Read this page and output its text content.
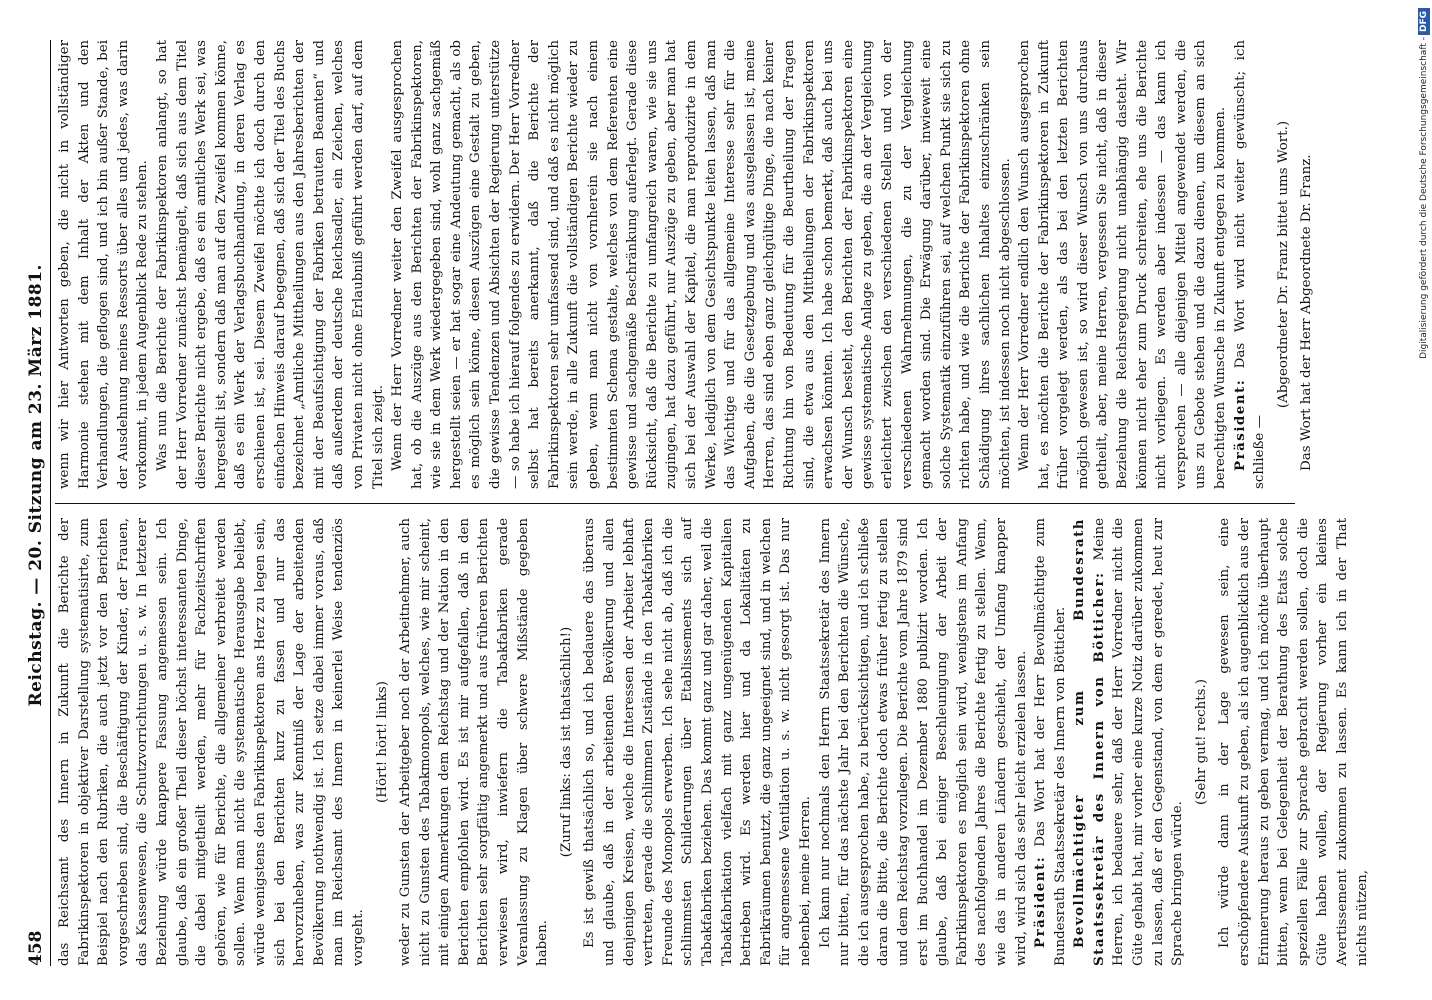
458
Reichstag. — 20. Sitzung am 23. März 1881.

das Reichsamt des Innern in Zukunft die Berichte der Fabrikinspektoren in objektiver Darstellung systematisirte, zum Beispiel nach den Rubriken, die auch jetzt vor den Berichten vorgeschrieben sind, die Beschäftigung der Kinder, der Frauen, das Kassenwesen, die Schutzvorrichtungen u. s. w. In letzterer Beziehung würde knappere Fassung angemessen sein. Ich glaube, daß ein großer Theil dieser höchst interessanten Dinge, die dabei mitgetheilt werden, mehr für Fachzeitschriften gehören, wie für Berichte, die allgemeiner verbreitet werden sollen. Wenn man nicht die systematische Herausgabe beliebt, würde wenigstens den Fabrikinspektoren ans Herz zu legen sein, sich bei den Berichten kurz zu fassen und nur das hervorzuheben, was zur Kenntniß der Lage der arbeitenden Bevölkerung nothwendig ist. Ich setze dabei immer voraus, daß man im Reichsamt des Innern in keinerlei Weise tendenziös vorgeht.

(Hört! hört! links) weder zu Gunsten der Arbeitgeber noch der Arbeitnehmer, auch nicht zu Gunsten des Tabakmonopols, welches, wie mir scheint, mit einigen Anmerkungen dem Reichstag und der Nation in den Berichten empfohlen wird. Es ist mir aufgefallen, daß in den Berichten sehr sorgfältig angemerkt und aus früheren Berichten verwiesen wird, inwiefern die Tabakfabriken gerade Veranlassung zu Klagen über schwere Mißstände gegeben haben.

(Zuruf links: das ist thatsächlich!) Es ist gewiß thatsächlich so, und ich bedauere das überaus und glaube, daß in der arbeitenden Bevölkerung und allen denjenigen Kreisen, welche die Interessen der Arbeiter lebhaft vertreten, gerade die schlimmen Zustände in den Tabakfabriken Freunde des Monopols erwerben. Ich sehe nicht ab, daß ich die schlimmsten Schilderungen über Etablissements sich auf Tabakfabriken beziehen. Das kommt ganz und gar daher, weil die Tabakfabrikation vielfach mit ganz ungenügenden Kapitalien betrieben wird. Es werden hier und da Lokalitäten zu Fabrikräumen benutzt, die ganz ungeeignet sind, und in welchen für angemessene Ventilation u. s. w. nicht gesorgt ist. Das nur nebenbei, meine Herren. Ich kann nur nochmals den Herrn Staatssekretär des Innern nur bitten, für das nächste Jahr bei den Berichten die Wünsche, die ich ausgesprochen habe, zu berücksichtigen, und ich schließe daran die Bitte, die Berichte doch etwas früher fertig zu stellen und dem Reichstag vorzulegen. Die Berichte vom Jahre 1879 sind erst im Buchhandel im Dezember 1880 publizirt worden. Ich glaube, daß bei einiger Beschleunigung der Arbeit der Fabrikinspektoren es möglich sein wird, wenigstens im Anfang des nachfolgenden Jahres die Berichte fertig zu stellen. Wenn, wie das in anderen Ländern geschieht, der Umfang knapper wird, wird sich das sehr leicht erzielen lassen. Präsident: Das Wort hat der Herr Bevollmächtigte zum Bundesrath Staatssekretär des Innern von Bötticher. Bevollmächtigter zum Bundesrath Staatssekretär des Innern von Bötticher: Meine Herren, ich bedauere sehr, daß der Herr Vorredner nicht die Güte gehabt hat, mir vorher eine kurze Notiz darüber zukommen zu lassen, daß er den Gegenstand, von dem er geredet, heut zur Sprache bringen würde.

(Sehr gut! rechts.) Ich würde dann in der Lage gewesen sein, eine erschöpfendere Auskunft zu geben, als ich augenblicklich aus der Erinnerung heraus zu geben vermag, und ich möchte überhaupt bitten, wenn bei Gelegenheit der Berathung des Etats solche speziellen Fälle zur Sprache gebracht werden sollen, doch die Güte haben wollen, der Regierung vorher ein kleines Avertissement zukommen zu lassen. Es kann ich in der That nichts nützen,

wenn wir hier Antworten geben, die nicht in vollständiger Harmonie stehen mit dem Inhalt der Akten und den Verhandlungen, die geflogen sind, und ich bin außer Stande, bei der Ausdehnung meines Ressorts über alles und jedes, was darin vorkommt, in jedem Augenblick Rede zu stehen. Was nun die Berichte der Fabrikinspektoren anlangt, so hat der Herr Vorredner zunächst bemängelt, daß sich aus dem Titel dieser Berichte nicht ergebe, daß es ein amtliches Werk sei, was hergestellt ist, sondern daß man auf den Zweifel kommen könne, daß es ein Werk der Verlagsbuchhandlung, in deren Verlag es erschienen ist, sei. Diesem Zweifel möchte ich doch durch den einfachen Hinweis darauf begegnen, daß sich der Titel des Buchs bezeichnet „Amtliche Mittheilungen aus den Jahresberichten der mit der Beaufsichtigung der Fabriken betrauten Beamten“ und daß außerdem der deutsche Reichsadler, ein Zeichen, welches von Privaten nicht ohne Erlaubniß geführt werden darf, auf dem Titel sich zeigt. Wenn der Herr Vorredner weiter den Zweifel ausgesprochen hat, ob die Auszüge aus den Berichten der Fabrikinspektoren, wie sie in dem Werk wiedergegeben sind, wohl ganz sachgemäß hergestellt seien — er hat sogar eine Andeutung gemacht, als ob es möglich sein könne, diesen Auszügen eine Gestalt zu geben, die gewisse Tendenzen und Absichten der Regierung unterstütze — so habe ich hierauf folgendes zu erwidern. Der Herr Vorredner selbst hat bereits anerkannt, daß die Berichte der Fabrikinspektoren sehr umfassend sind, und daß es nicht möglich sein werde, in alle Zukunft die vollständigen Berichte wieder zu geben, wenn man nicht von vornherein sie nach einem bestimmten Schema gestalte, welches von dem Referenten eine gewisse und sachgemäße Beschränkung auferlegt. Gerade diese Rücksicht, daß die Berichte zu umfangreich waren, wie sie uns zugingen, hat dazu geführt, nur Auszüge zu geben, aber man hat sich bei der Auswahl der Kapitel, die man reproduzirte in dem Werke, lediglich von dem Gesichtspunkte leiten lassen, daß man das Wichtige und für das allgemeine Interesse sehr für die Aufgaben, die die Gesetzgebung und was ausgelassen ist, meine Herren, das sind eben ganz gleichgültige Dinge, die nach keiner Richtung hin von Bedeutung für die Beurtheilung der Fragen sind, die etwa aus den Mittheilungen der Fabrikinspektoren erwachsen könnten. Ich habe schon bemerkt, daß auch bei uns der Wunsch besteht, den Berichten der Fabrikinspektoren eine gewisse systematische Anlage zu geben, die an der Vergleichung erleichtert zwischen den verschiedenen Stellen und von der verschiedenen Wahrnehmungen, die zu der Vergleichung gemacht worden sind. Die Erwägung darüber, inwieweit eine solche Systematik einzuführen sei, auf welchen Punkt sie sich zu richten habe, und wie die Berichte der Fabrikinspektoren ohne Schädigung ihres sachlichen Inhaltes einzuschränken sein möchten, ist indessen noch nicht abgeschlossen. Wenn der Herr Vorredner endlich den Wunsch ausgesprochen hat, es möchten die Berichte der Fabrikinspektoren in Zukunft früher vorgelegt werden, als das bei den letzten Berichten möglich gewesen ist, so wird dieser Wunsch von uns durchaus getheilt, aber, meine Herren, vergessen Sie nicht, daß in dieser Beziehung die Reichsregierung nicht unabhängig dasteht. Wir können nicht eher zum Druck schreiten, ehe uns die Berichte nicht vorliegen. Es werden aber indessen — das kann ich versprechen — alle diejenigen Mittel angewendet werden, die uns zu Gebote stehen und die dazu dienen, um diesem an sich berechtigten Wunsche in Zukunft entgegen zu kommen. Präsident: Das Wort wird nicht weiter gewünscht; ich schließe —

(Abgeordneter Dr. Franz bittet ums Wort.) Das Wort hat der Herr Abgeordnete Dr. Franz.	Digitalisierung gefördert durch die Deutsche Forschungsgemeinschaft -DFG
